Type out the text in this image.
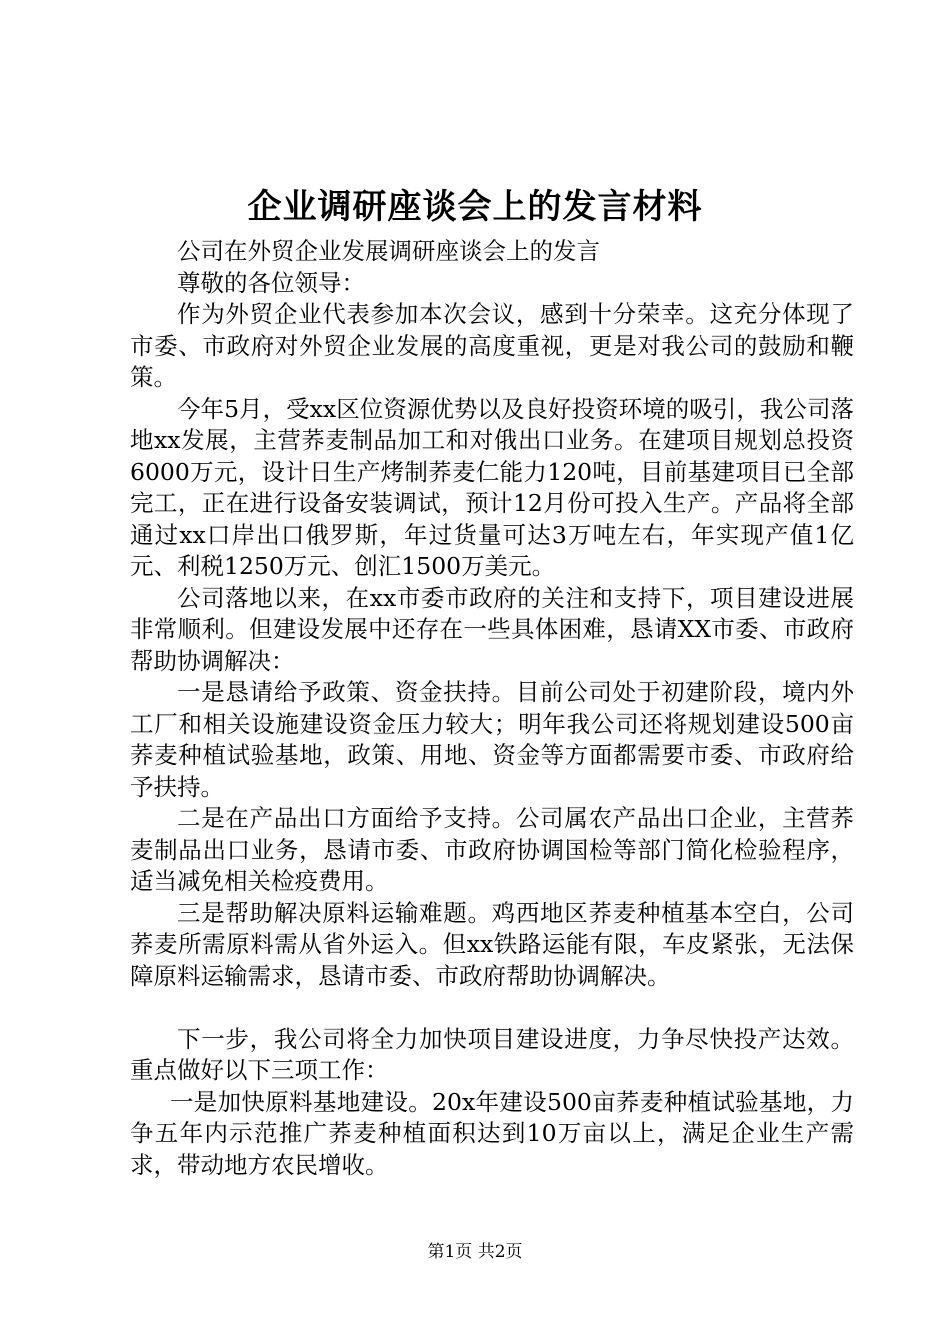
企业调研座谈会上的发言材料

公司在外贸企业发展调研座谈会上的发言

尊敬的各位领导：

作为外贸企业代表参加本次会议，感到十分荣幸。这充分体现了市委、市政府对外贸企业发展的高度重视，更是对我公司的鼓励和鞭策。

今年5月，受xx区位资源优势以及良好投资环境的吸引，我公司落地xx发展，主营荞麦制品加工和对俄出口业务。在建项目规划总投资6000万元，设计日生产烤制荞麦仁能力120吨，目前基建项目已全部完工，正在进行设备安装调试，预计12月份可投入生产。产品将全部通过xx口岸出口俄罗斯，年过货量可达3万吨左右，年实现产值1亿元、利税1250万元、创汇1500万美元。

公司落地以来，在xx市委市政府的关注和支持下，项目建设进展非常顺利。但建设发展中还存在一些具体困难，恳请XX市委、市政府帮助协调解决：

一是恳请给予政策、资金扶持。目前公司处于初建阶段，境内外工厂和相关设施建设资金压力较大；明年我公司还将规划建设500亩荞麦种植试验基地，政策、用地、资金等方面都需要市委、市政府给予扶持。

二是在产品出口方面给予支持。公司属农产品出口企业，主营荞麦制品出口业务，恳请市委、市政府协调国检等部门简化检验程序，适当减免相关检疫费用。

三是帮助解决原料运输难题。鸡西地区荞麦种植基本空白，公司荞麦所需原料需从省外运入。但xx铁路运能有限，车皮紧张，无法保障原料运输需求，恳请市委、市政府帮助协调解决。

下一步，我公司将全力加快项目建设进度，力争尽快投产达效。重点做好以下三项工作：

一是加快原料基地建设。20x年建设500亩荞麦种植试验基地，力争五年内示范推广荞麦种植面积达到10万亩以上，满足企业生产需求，带动地方农民增收。

第1页 共2页
